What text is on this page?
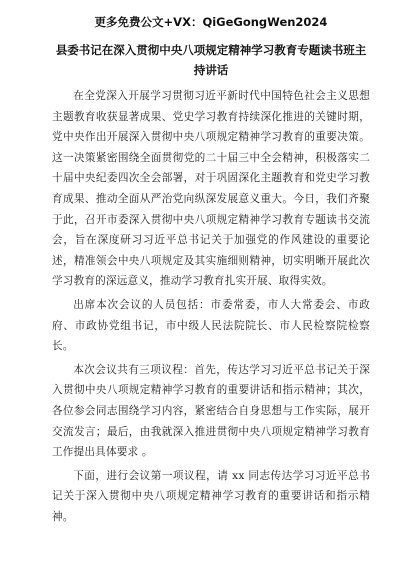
更多免费公文+VX：QiGeGongWen2024
县委书记在深入贯彻中央八项规定精神学习教育专题读书班主持讲话

在全党深入开展学习贯彻习近平新时代中国特色社会主义思想主题教育收获显著成果、党史学习教育持续深化推进的关键时期，党中央作出开展深入贯彻中央八项规定精神学习教育的重要决策。这一决策紧密围绕全面贯彻党的二十届三中全会精神，积极落实二十届中央纪委四次全会部署，对于巩固深化主题教育和党史学习教育成果、推动全面从严治党向纵深发展意义重大。今日，我们齐聚于此，召开市委深入贯彻中央八项规定精神学习教育专题读书交流会，旨在深度研习习近平总书记关于加强党的作风建设的重要论述，精准领会中央八项规定及其实施细则精神，切实明晰开展此次学习教育的深远意义，推动学习教育扎实开展、取得实效。

出席本次会议的人员包括：市委常委，市人大常委会、市政府、市政协党组书记，市中级人民法院院长、市人民检察院检察长。

本次会议共有三项议程：首先，传达学习习近平总书记关于深入贯彻中央八项规定精神学习教育的重要讲话和指示精神；其次，各位参会同志围绕学习内容，紧密结合自身思想与工作实际，展开交流发言；最后，由我就深入推进贯彻中央八项规定精神学习教育工作提出具体要求 。

下面，进行会议第一项议程，请 xx 同志传达学习习近平总书记关于深入贯彻中央八项规定精神学习教育的重要讲话和指示精神。
